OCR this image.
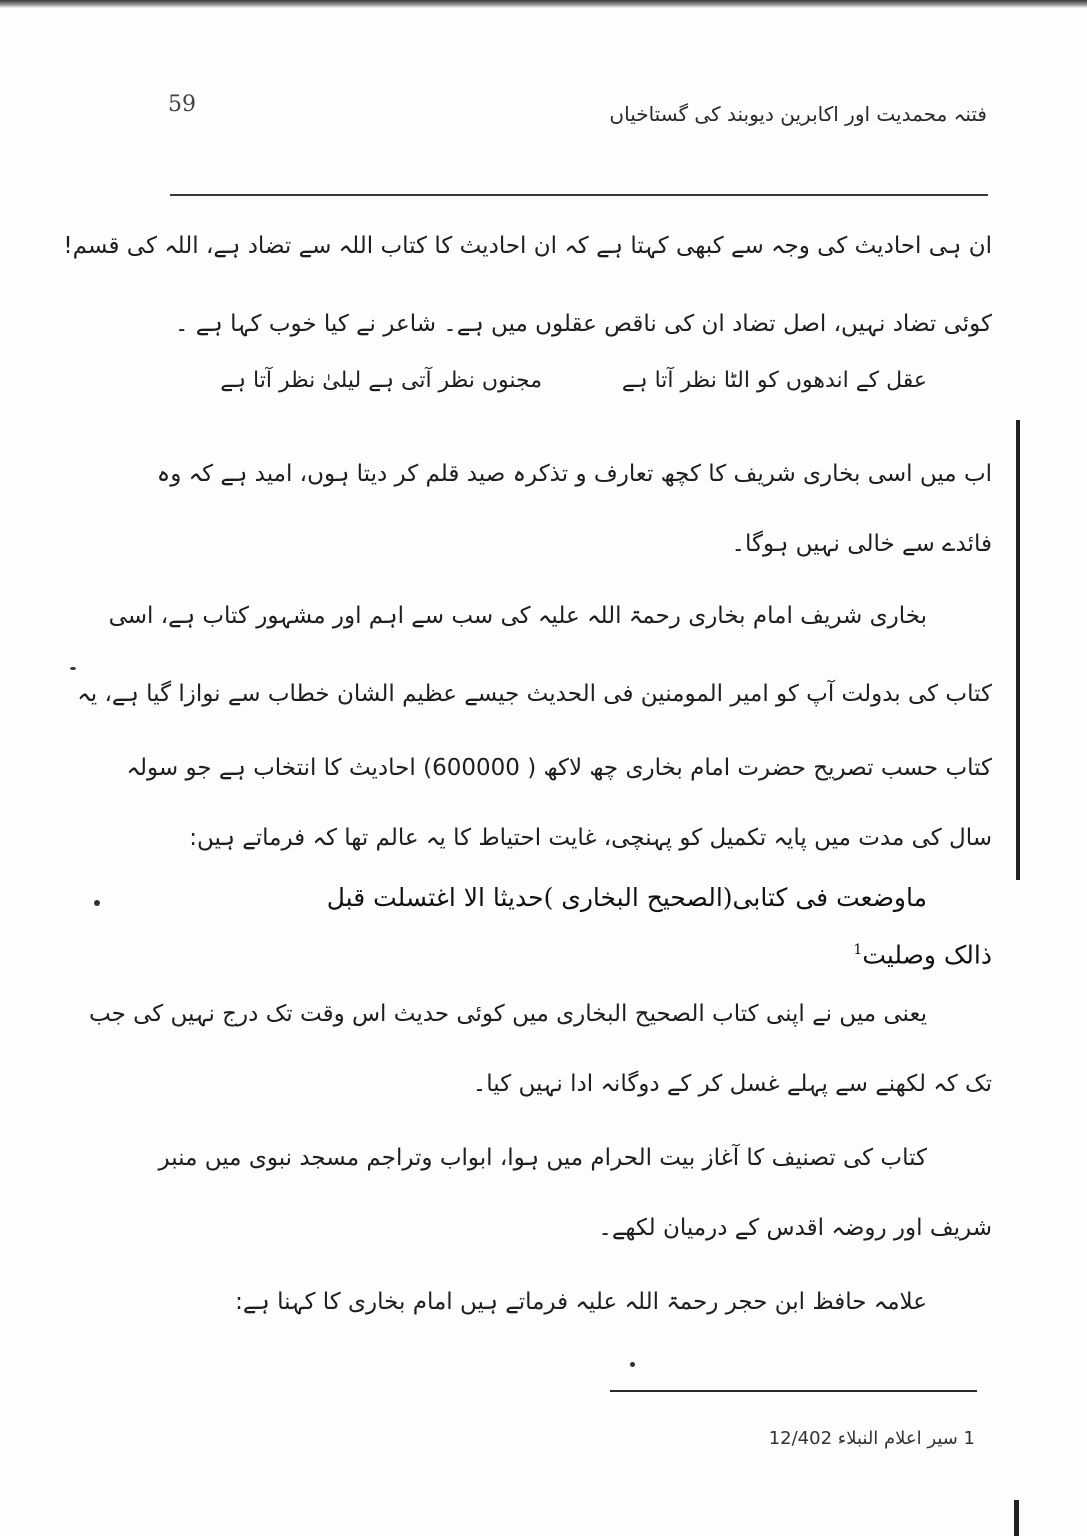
59	فتنہ محمدیت اور اکابرین دیوبند کی گستاخیاں
ان ہی احادیث کی وجہ سے کبھی کہتا ہے کہ ان احادیث کا کتاب اللہ سے تضاد ہے، اللہ کی قسم!
کوئی تضاد نہیں، اصل تضاد ان کی ناقص عقلوں میں ہے۔ شاعر نے کیا خوب کہا ہے ۔
عقل کے اندھوں کو الٹا نظر آتا ہے
مجنوں نظر آتی ہے لیلیٰ نظر آتا ہے
اب میں اسی بخاری شریف کا کچھ تعارف و تذکرہ صید قلم کر دیتا ہوں، امید ہے کہ وہ
فائدے سے خالی نہیں ہوگا۔
بخاری شریف امام بخاری رحمۃ اللہ علیہ کی سب سے اہم اور مشہور کتاب ہے، اسی
کتاب کی بدولت آپ کو امیر المومنین فی الحدیث جیسے عظیم الشان خطاب سے نوازا گیا ہے، یہ
کتاب حسب تصریح حضرت امام بخاری چھ لاکھ ( 600000) احادیث کا انتخاب ہے جو سولہ
سال کی مدت میں پایہ تکمیل کو پہنچی، غایت احتیاط کا یہ عالم تھا کہ فرماتے ہیں:
ماوضعت فی کتابی(الصحیح البخاری )حدیثا الا اغتسلت قبل
ذالک وصلیت$^1$
یعنی میں نے اپنی کتاب الصحیح البخاری میں کوئی حدیث اس وقت تک درج نہیں کی جب
تک کہ لکھنے سے پہلے غسل کر کے دوگانہ ادا نہیں کیا۔
کتاب کی تصنیف کا آغاز بیت الحرام میں ہوا، ابواب وتراجم مسجد نبوی میں منبر
شریف اور روضہ اقدس کے درمیان لکھے۔
علامہ حافظ ابن حجر رحمۃ اللہ علیہ فرماتے ہیں امام بخاری کا کہنا ہے:
1 سیر اعلام النبلاء 12/402
